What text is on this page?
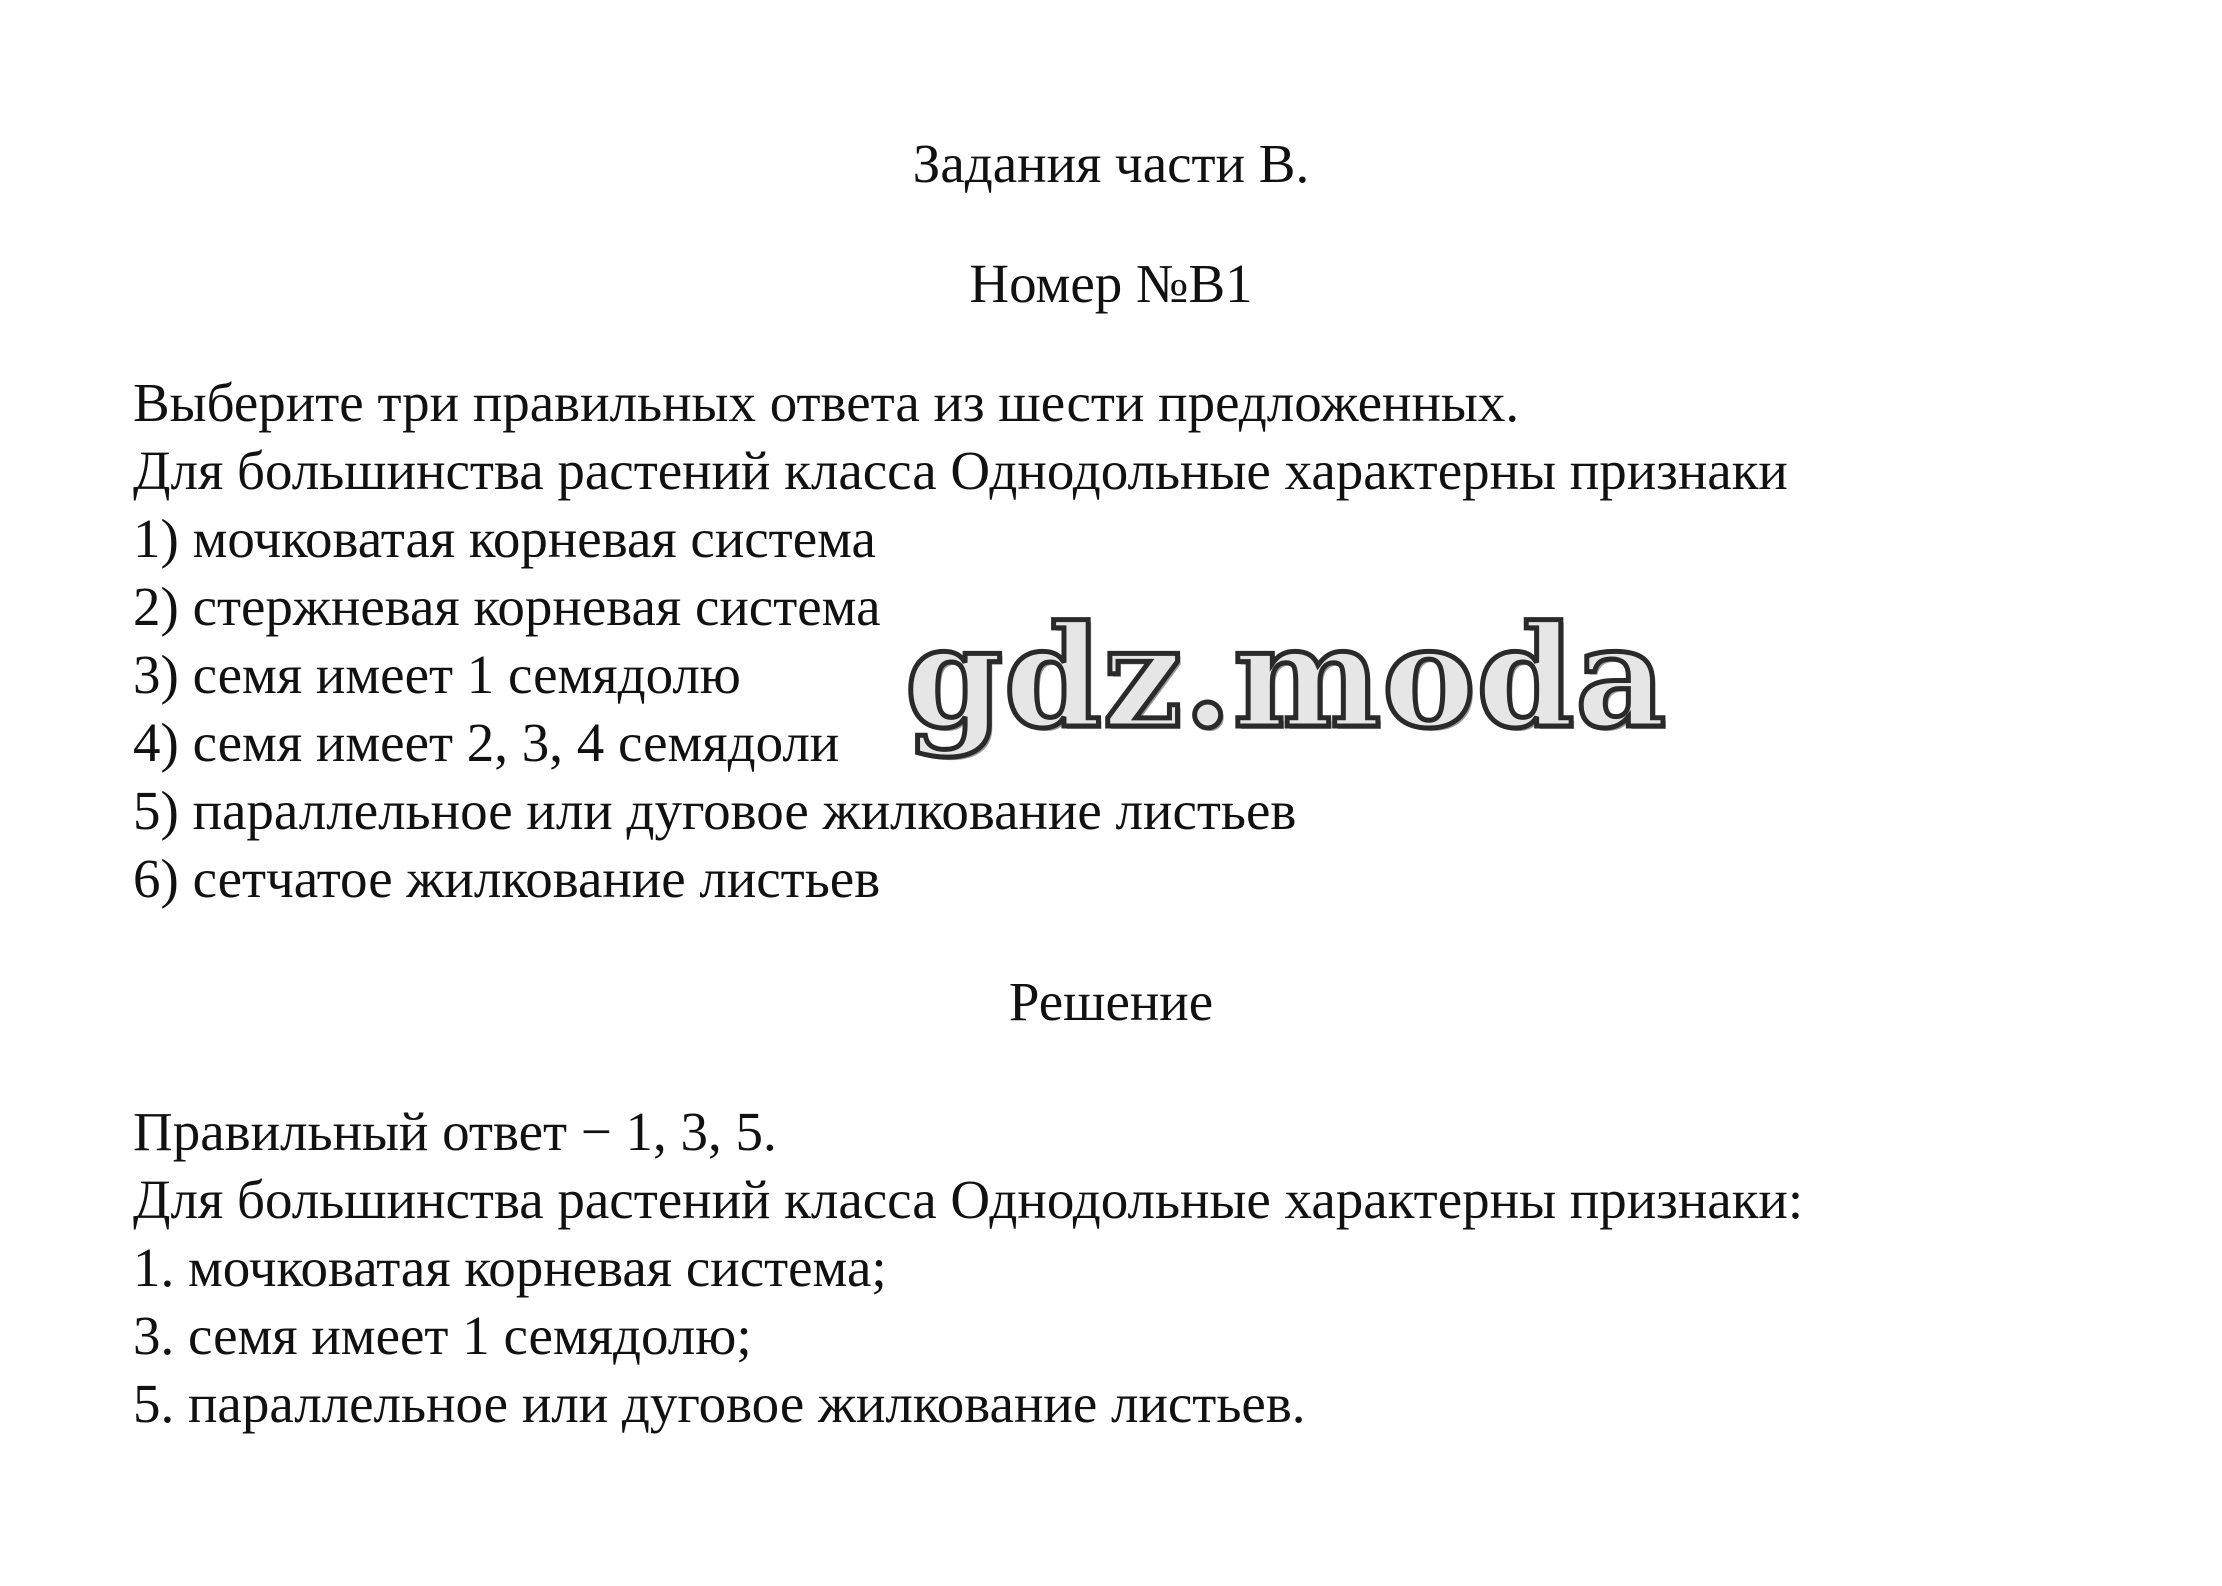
Задания части В.
Номер №B1
Выберите три правильных ответа из шести предложенных.
Для большинства растений класса Однодольные характерны признаки
1) мочковатая корневая система
2) стержневая корневая система
3) семя имеет 1 семядолю
4) семя имеет 2, 3, 4 семядоли
5) параллельное или дуговое жилкование листьев
6) сетчатое жилкование листьев
Решение
Правильный ответ − 1, 3, 5.
Для большинства растений класса Однодольные характерны признаки:
1. мочковатая корневая система;
3. семя имеет 1 семядолю;
5. параллельное или дуговое жилкование листьев.
gdz.moda
